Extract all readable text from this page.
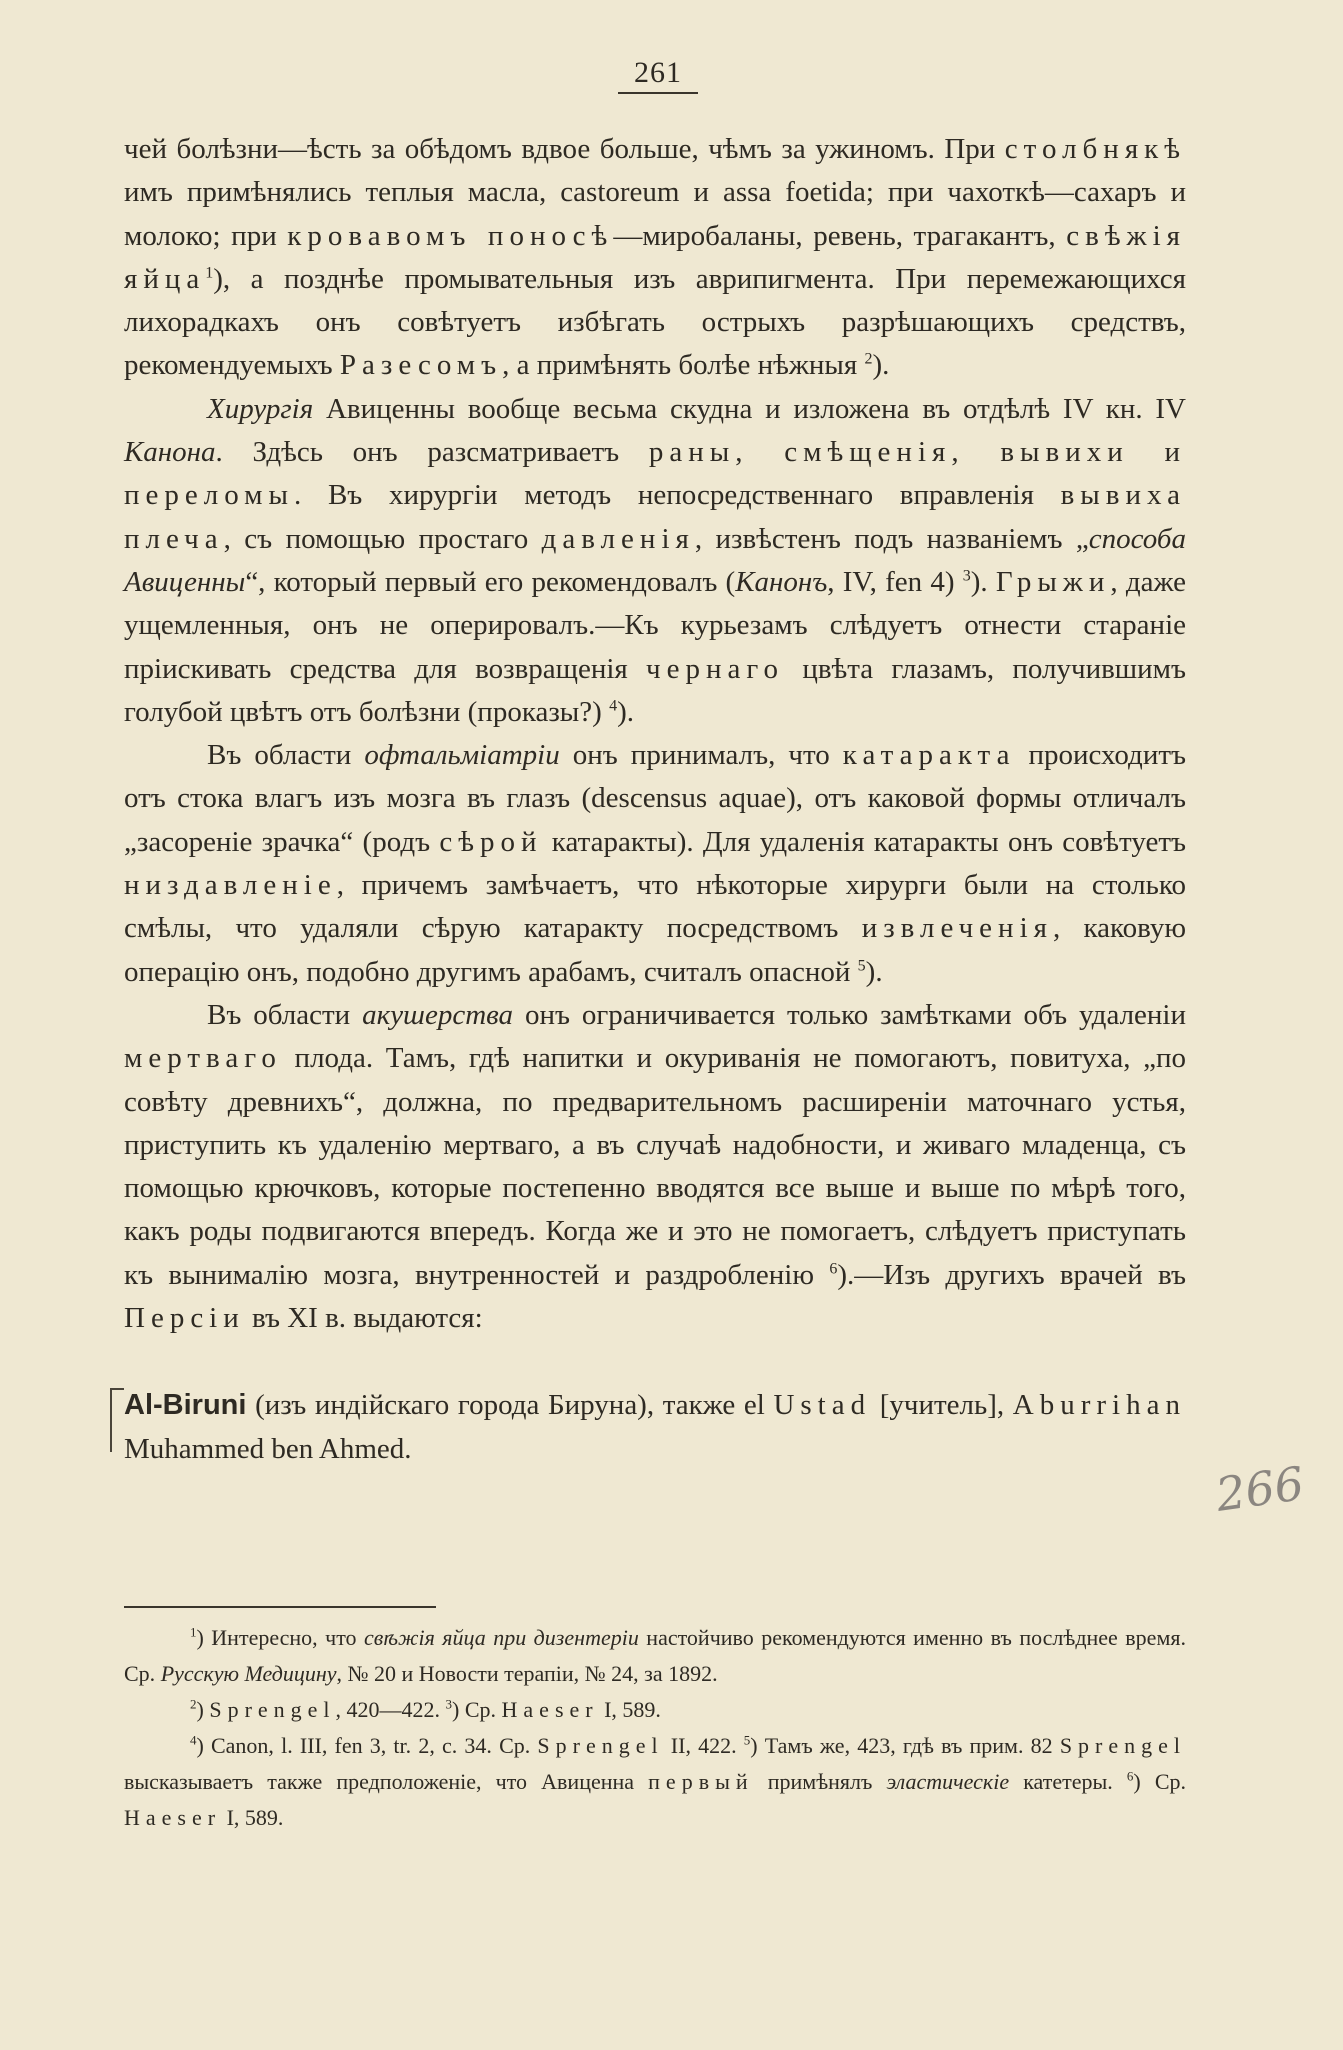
261

чей болѣзни—ѣсть за обѣдомъ вдвое больше, чѣмъ за ужиномъ. При столбнякѣ имъ примѣнялись теплыя масла, castoreum и assa foetida; при чахоткѣ—сахаръ и молоко; при кровавомъ поносѣ—миробаланы, ревень, трагакантъ, свѣжія яйца$^1$), а позднѣе промывательныя изъ аврипигмента. При перемежающихся лихорадкахъ онъ совѣтуетъ избѣгать острыхъ разрѣшающихъ средствъ, рекомендуемыхъ Разесомъ, а примѣнять болѣе нѣжныя $^2$).

Хирургія Авиценны вообще весьма скудна и изложена въ отдѣлѣ IV кн. IV Канона. Здѣсь онъ разсматриваетъ раны, смѣщенія, вывихи и переломы. Въ хирургіи методъ непосредственнаго вправленія вывиха плеча, съ помощью простаго давленія, извѣстенъ подъ названіемъ „способа Авиценны“, который первый его рекомендовалъ (Канонъ, IV, fen 4) $^3$). Грыжи, даже ущемленныя, онъ не оперировалъ.—Къ курьезамъ слѣдуетъ отнести стараніе пріискивать средства для возвращенія чернаго цвѣта глазамъ, получившимъ голубой цвѣтъ отъ болѣзни (проказы?) $^4$).

Въ области офтальміатріи онъ принималъ, что катаракта происходитъ отъ стока влагъ изъ мозга въ глазъ (descensus aquae), отъ каковой формы отличалъ „засореніе зрачка“ (родъ сѣрой катаракты). Для удаленія катаракты онъ совѣтуетъ низдавленіе, причемъ замѣчаетъ, что нѣкоторые хирурги были на столько смѣлы, что удаляли сѣрую катаракту посредствомъ извлеченія, каковую операцію онъ, подобно другимъ арабамъ, считалъ опасной $^5$).

Въ области акушерства онъ ограничивается только замѣтками объ удаленіи мертваго плода. Тамъ, гдѣ напитки и окуриванія не помогаютъ, повитуха, „по совѣту древнихъ“, должна, по предварительномъ расширеніи маточнаго устья, приступить къ удаленію мертваго, а въ случаѣ надобности, и живаго младенца, съ помощью крючковъ, которые постепенно вводятся все выше и выше по мѣрѣ того, какъ роды подвигаются впередъ. Когда же и это не помогаетъ, слѣдуетъ приступать къ вынималію мозга, внутренностей и раздробленію $^6$).—Изъ другихъ врачей въ Персіи въ XI в. выдаются:

Al-Biruni (изъ индійскаго города Бируна), также el Ustad [учитель], Aburrihan Muhammed ben Ahmed.

266

$^1$) Интересно, что свѣжія яйца при дизентеріи настойчиво рекомендуются именно въ послѣднее время. Ср. Русскую Медицину, № 20 и Новости терапіи, № 24, за 1892.

$^2$) Sprengel, 420—422. $^3$) Ср. Haeser I, 589.

$^4$) Canon, l. III, fen 3, tr. 2, c. 34. Ср. Sprengel II, 422. $^5$) Тамъ же, 423, гдѣ въ прим. 82 Sprengel высказываетъ также предположеніе, что Авиценна первый примѣнялъ эластическіе катетеры. $^6$) Ср. Haeser I, 589.
